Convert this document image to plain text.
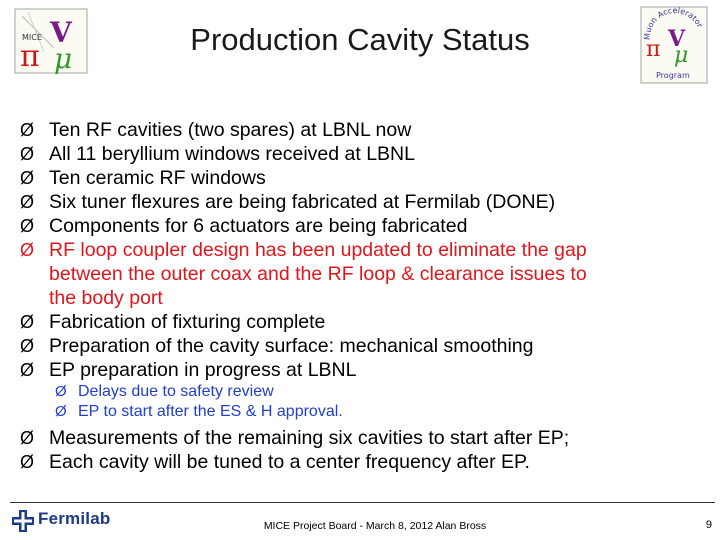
MICE
π
V
μ
Muon Accelerator
π V
μ
Program
Production Cavity Status
Ø Ten RF cavities (two spares) at LBNL now
Ø All 11 beryllium windows received at LBNL
Ø Ten ceramic RF windows
Ø Six tuner flexures are being fabricated at Fermilab (DONE)
Ø Components for 6 actuators are being fabricated
Ø RF loop coupler design has been updated to eliminate the gap
between the outer coax and the RF loop & clearance issues to
the body port
Ø Fabrication of fixturing complete
Ø Preparation of the cavity surface: mechanical smoothing
Ø EP preparation in progress at LBNL
Ø Delays due to safety review
Ø EP to start after the ES & H approval.
Ø Measurements of the remaining six cavities to start after EP;
Ø Each cavity will be tuned to a center frequency after EP.
Fermilab	MICE Project Board - March 8, 2012 Alan Bross	9
